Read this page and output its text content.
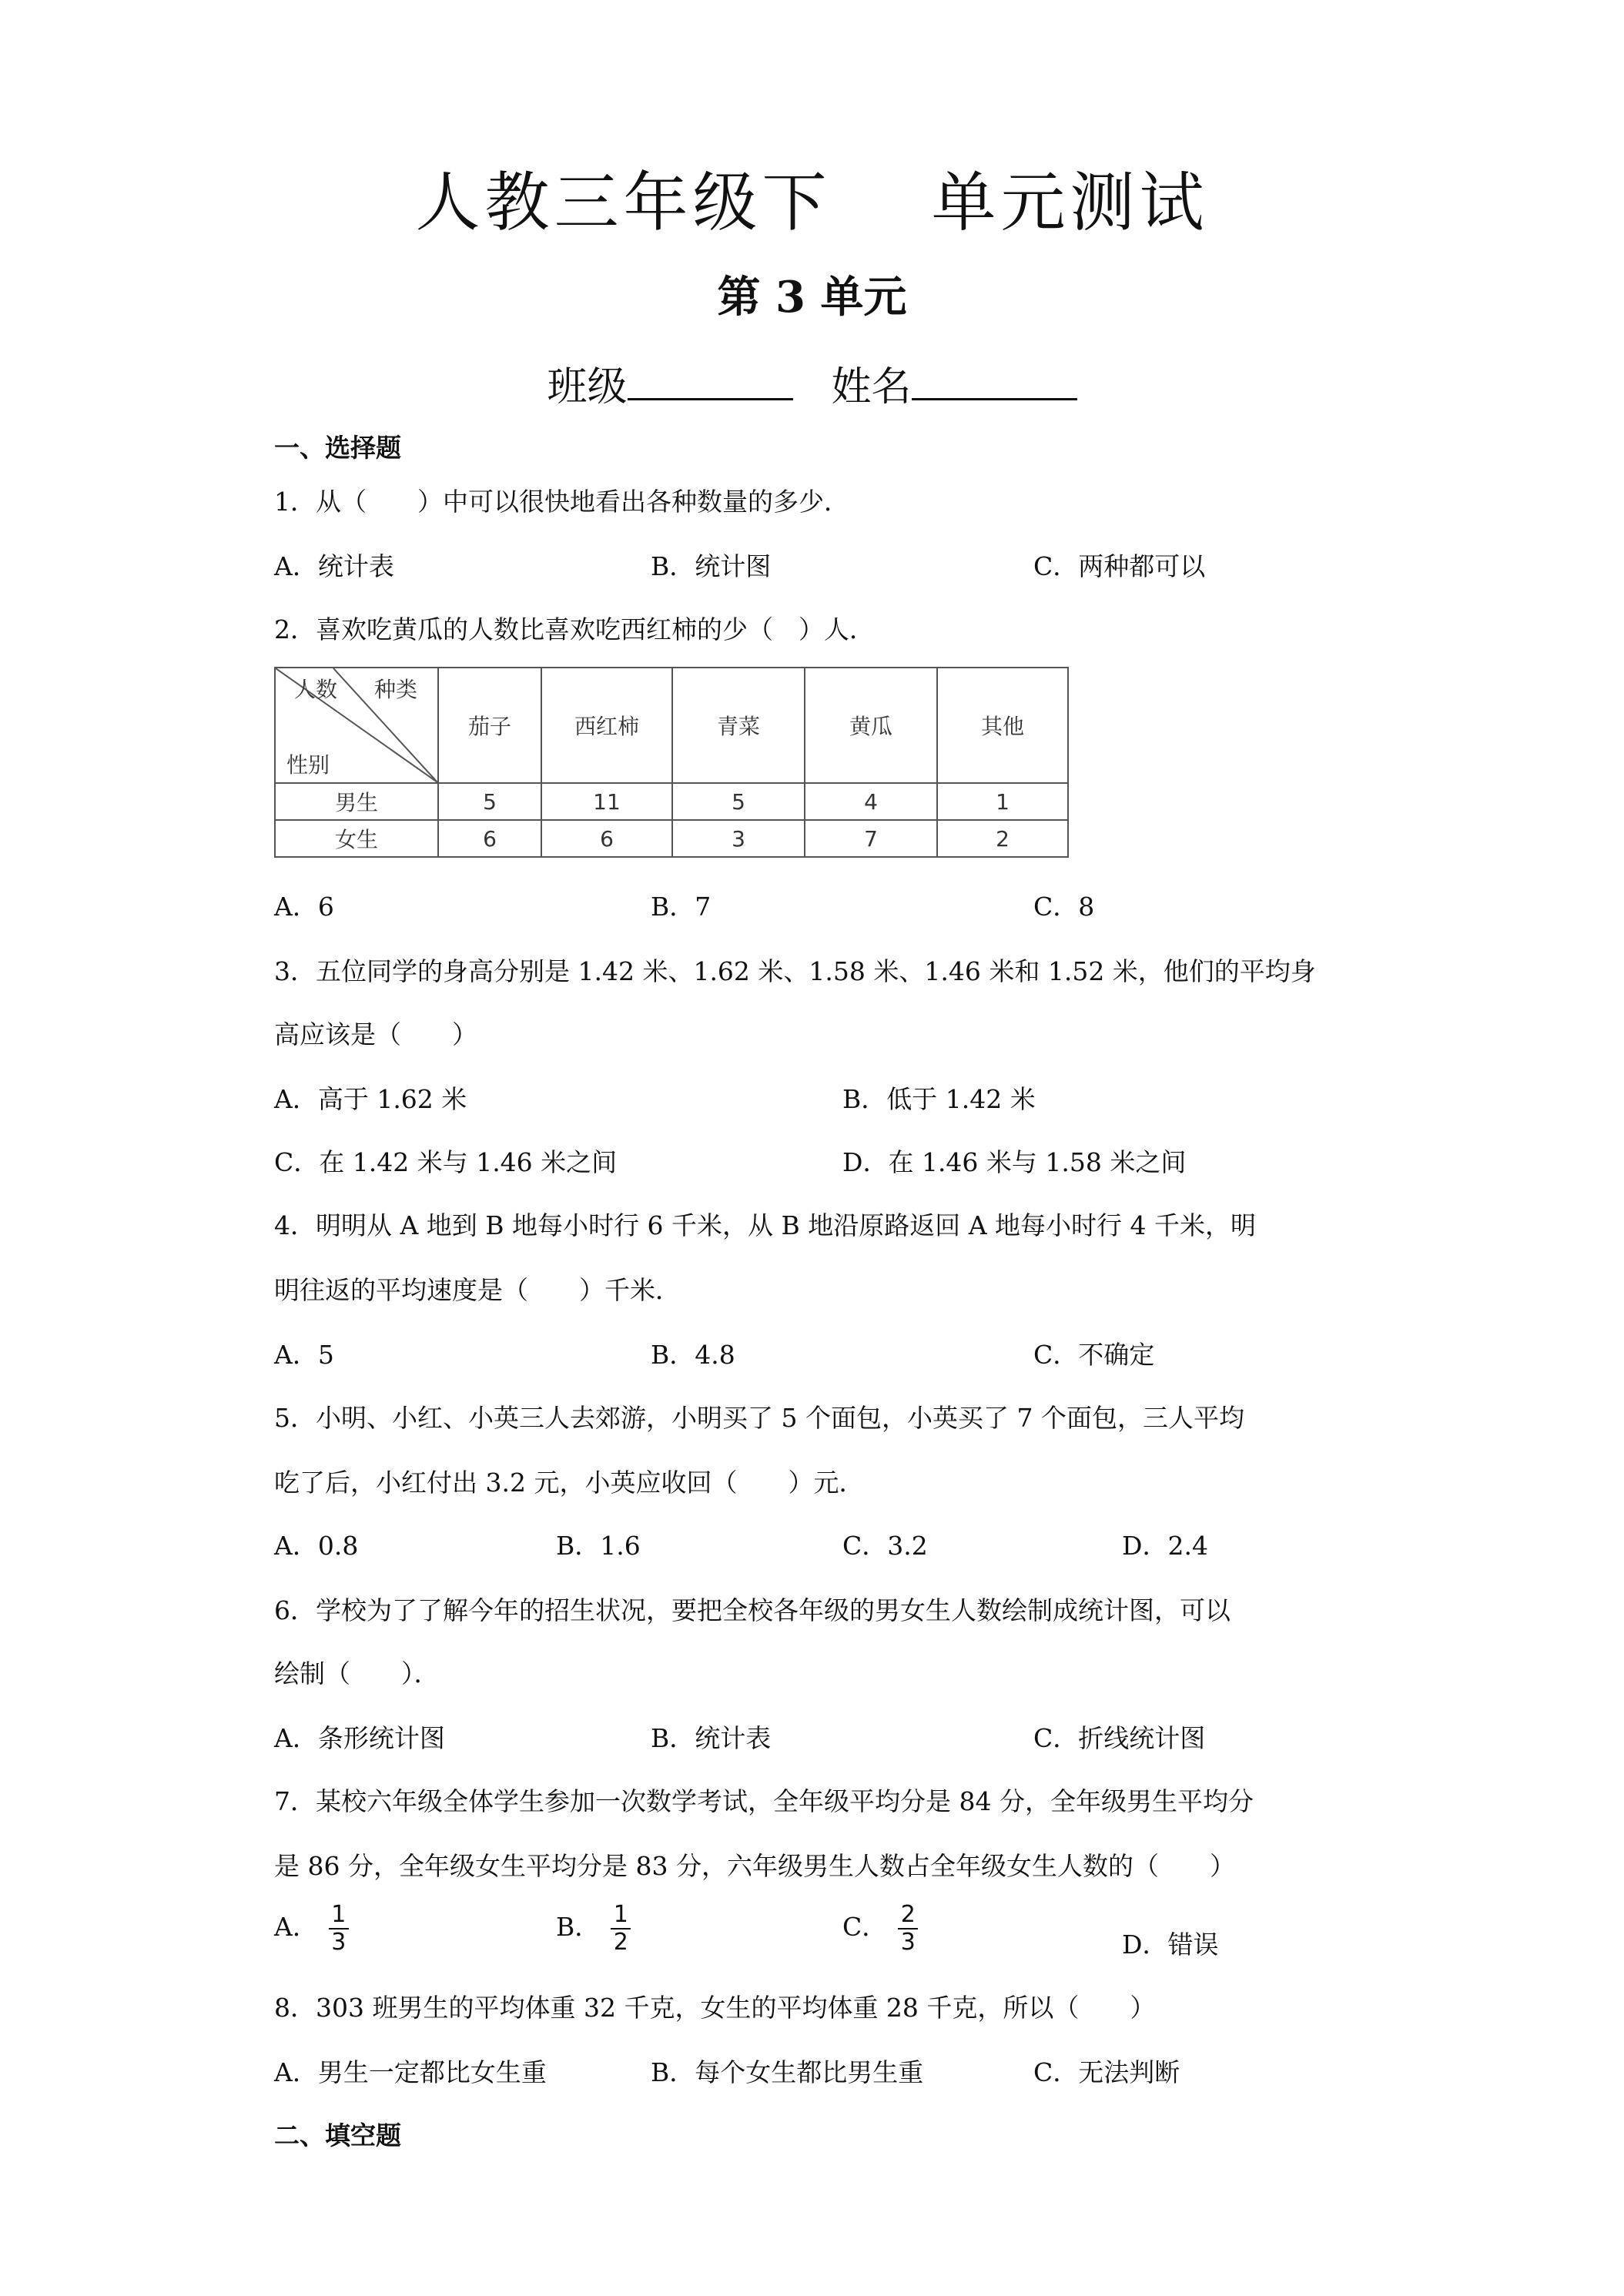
人教三年级下 单元测试
第 3 单元
班级	姓名
一、选择题
1．从（　　）中可以很快地看出各种数量的多少．
A．统计表	B．统计图	C．两种都可以
2．喜欢吃黄瓜的人数比喜欢吃西红柿的少（　）人．
人数 种类
性别	茄子	西红柿	青菜	黄瓜	其他
男生	5	11	5	4	1
女生	6	6	3	7	2
A．6	B．7	C．8
3．五位同学的身高分别是 1.42 米、1.62 米、1.58 米、1.46 米和 1.52 米，他们的平均身
高应该是（　　）
A．高于 1.62 米	B．低于 1.42 米
C．在 1.42 米与 1.46 米之间	D．在 1.46 米与 1.58 米之间
4．明明从 A 地到 B 地每小时行 6 千米，从 B 地沿原路返回 A 地每小时行 4 千米，明
明往返的平均速度是（　　）千米．
A．5	B．4.8	C．不确定
5．小明、小红、小英三人去郊游，小明买了 5 个面包，小英买了 7 个面包，三人平均
吃了后，小红付出 3.2 元，小英应收回（　　）元．
A．0.8	B．1.6	C．3.2	D．2.4
6．学校为了了解今年的招生状况，要把全校各年级的男女生人数绘制成统计图，可以
绘制（　　）．
A．条形统计图	B．统计表	C．折线统计图
7．某校六年级全体学生参加一次数学考试，全年级平均分是 84 分，全年级男生平均分
是 86 分，全年级女生平均分是 83 分，六年级男生人数占全年级女生人数的（　　）
A． $\frac{1}{3}$	B． $\frac{1}{2}$	C． $\frac{2}{3}$	D．错误
8．303 班男生的平均体重 32 千克，女生的平均体重 28 千克，所以（　　）
A．男生一定都比女生重	B．每个女生都比男生重	C．无法判断
二、填空题
